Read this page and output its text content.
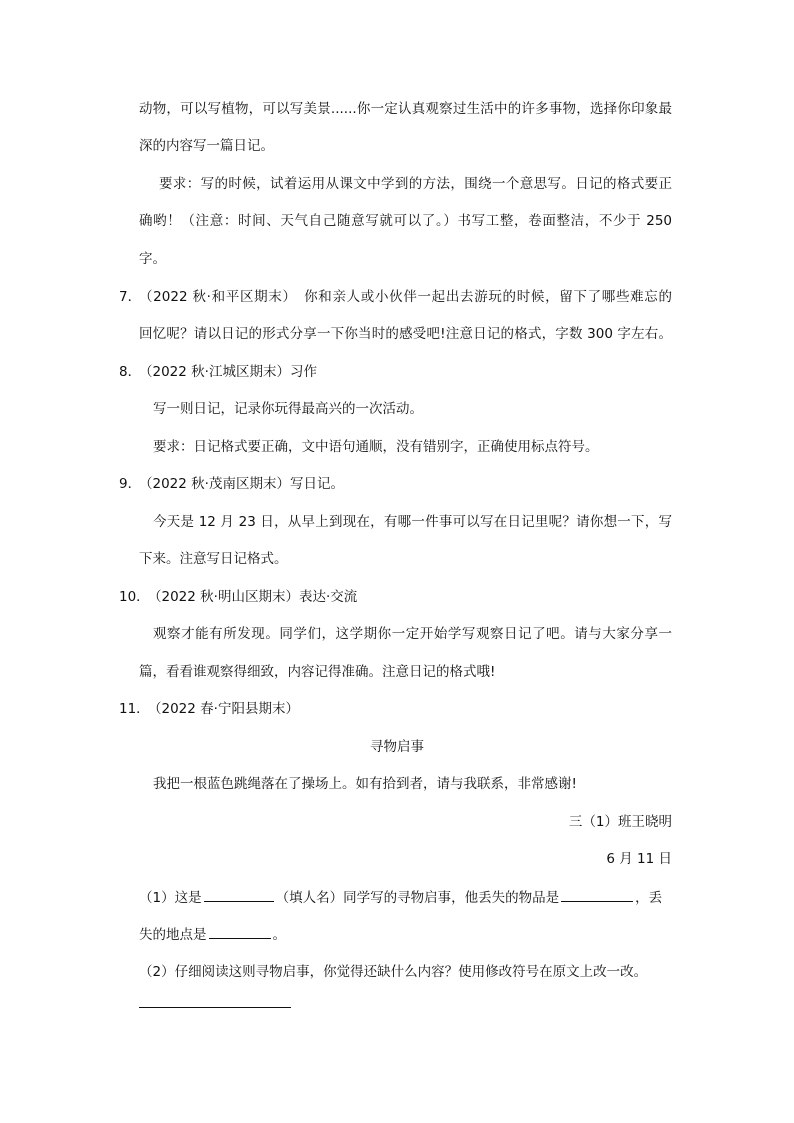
动物，可以写植物，可以写美景......你一定认真观察过生活中的许多事物，选择你印象最
深的内容写一篇日记。
要求：写的时候，试着运用从课文中学到的方法，围绕一个意思写。日记的格式要正
确哟！（注意：时间、天气自己随意写就可以了。）书写工整，卷面整洁，不少于 250
字。
7．
（2022 秋·和平区期末）　你和亲人或小伙伴一起出去游玩的时候，留下了哪些难忘的
回忆呢？请以日记的形式分享一下你当时的感受吧!注意日记的格式，字数 300 字左右。
8．
（2022 秋·江城区期末）习作
写一则日记，记录你玩得最高兴的一次活动。
要求：日记格式要正确，文中语句通顺，没有错别字，正确使用标点符号。
9．
（2022 秋·茂南区期末）写日记。
今天是 12 月 23 日，从早上到现在，有哪一件事可以写在日记里呢？请你想一下，写
下来。注意写日记格式。
10．
（2022 秋·明山区期末）表达·交流
观察才能有所发现。同学们，这学期你一定开始学写观察日记了吧。请与大家分享一
篇，看看谁观察得细致，内容记得准确。注意日记的格式哦!
11．
（2022 春·宁阳县期末）
寻物启事
我把一根蓝色跳绳落在了操场上。如有拾到者，请与我联系，非常感谢!
三（1）班王晓明
6 月 11 日
（1）这是	（填人名）同学写的寻物启事，他丢失的物品是	，丢
失的地点是	。
（2）仔细阅读这则寻物启事，你觉得还缺什么内容？使用修改符号在原文上改一改。
